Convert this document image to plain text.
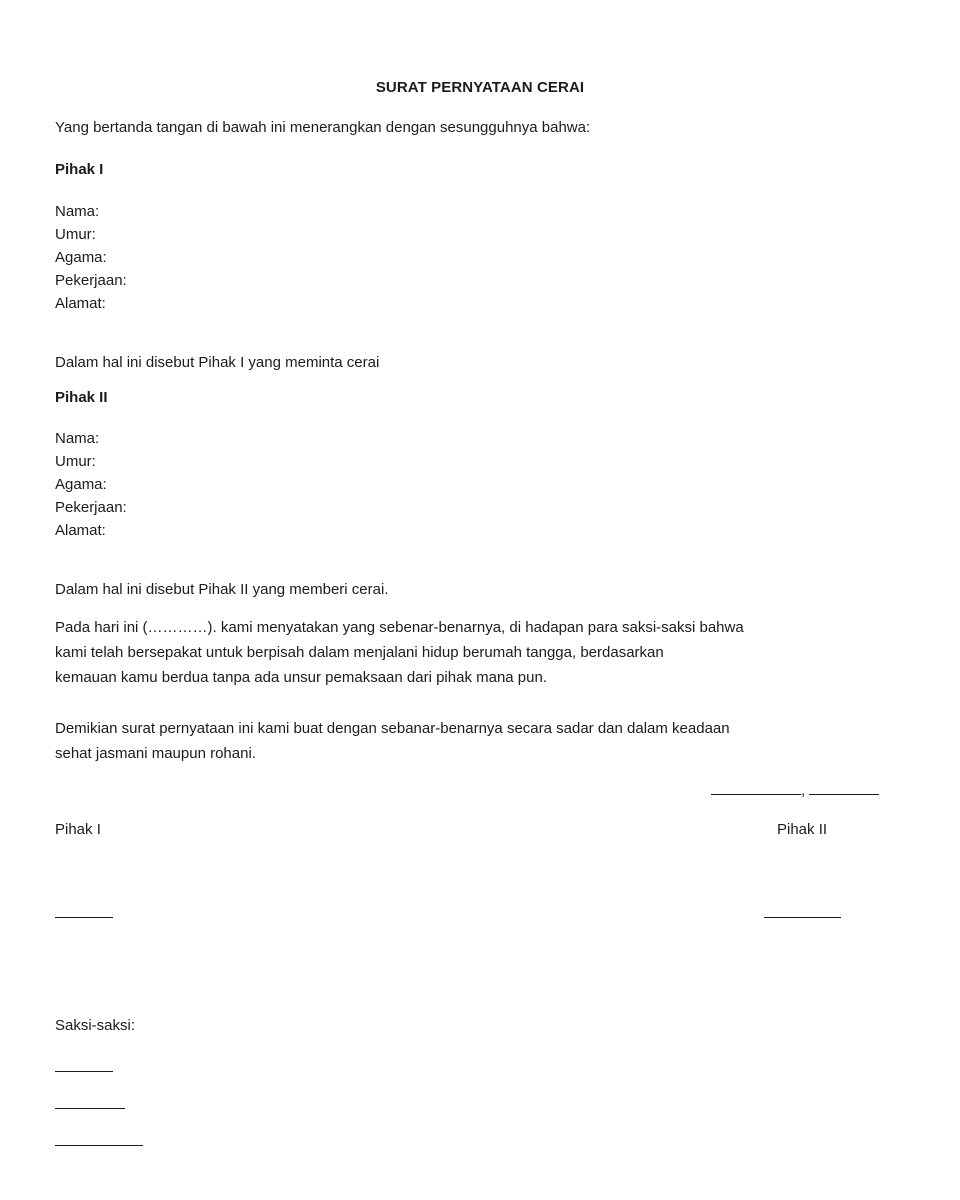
SURAT PERNYATAAN CERAI
Yang bertanda tangan di bawah ini menerangkan dengan sesungguhnya bahwa:
Pihak I
Nama:
Umur:
Agama:
Pekerjaan:
Alamat:
Dalam hal ini disebut Pihak I yang meminta cerai
Pihak II
Nama:
Umur:
Agama:
Pekerjaan:
Alamat:
Dalam hal ini disebut Pihak II yang memberi cerai.
Pada hari ini (…………). kami menyatakan yang sebenar-benarnya, di hadapan para saksi-saksi bahwa
kami telah bersepakat untuk berpisah dalam menjalani hidup berumah tangga, berdasarkan
kemauan kamu berdua tanpa ada unsur pemaksaan dari pihak mana pun.
Demikian surat pernyataan ini kami buat dengan sebanar-benarnya secara sadar dan dalam keadaan
sehat jasmani maupun rohani.
,
Pihak I	Pihak II
Saksi-saksi:
